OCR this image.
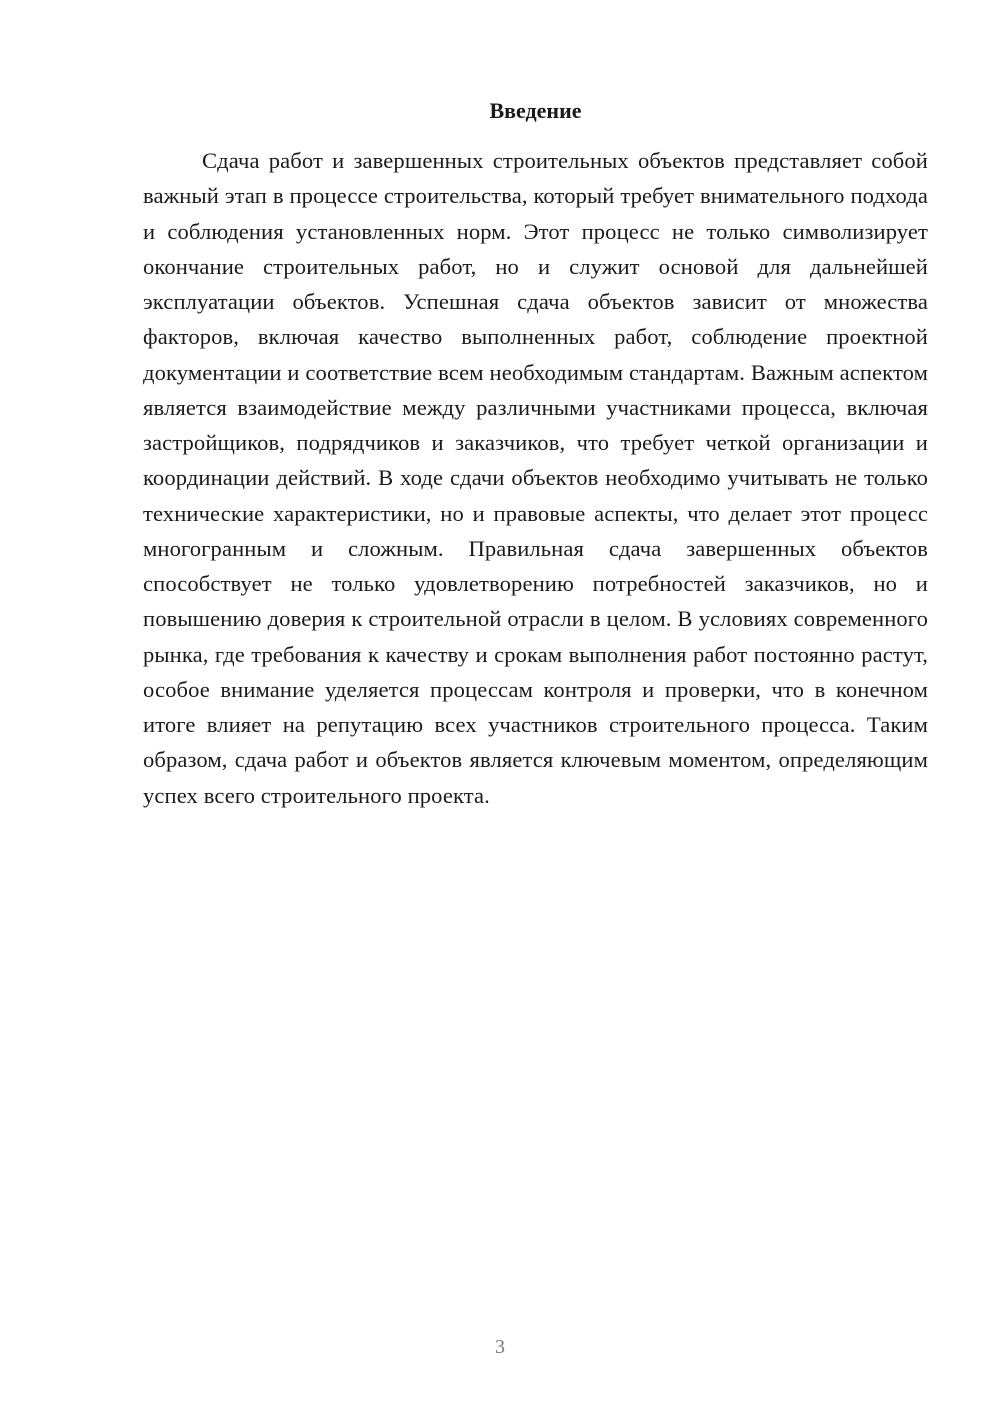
Введение

Сдача работ и завершенных строительных объектов представляет собой важный этап в процессе строительства, который требует внимательного подхода и соблюдения установленных норм. Этот процесс не только символизирует окончание строительных работ, но и служит основой для дальнейшей эксплуатации объектов. Успешная сдача объектов зависит от множества факторов, включая качество выполненных работ, соблюдение проектной документации и соответствие всем необходимым стандартам. Важным аспектом является взаимодействие между различными участниками процесса, включая застройщиков, подрядчиков и заказчиков, что требует четкой организации и координации действий. В ходе сдачи объектов необходимо учитывать не только технические характеристики, но и правовые аспекты, что делает этот процесс многогранным и сложным. Правильная сдача завершенных объектов способствует не только удовлетворению потребностей заказчиков, но и повышению доверия к строительной отрасли в целом. В условиях современного рынка, где требования к качеству и срокам выполнения работ постоянно растут, особое внимание уделяется процессам контроля и проверки, что в конечном итоге влияет на репутацию всех участников строительного процесса. Таким образом, сдача работ и объектов является ключевым моментом, определяющим успех всего строительного проекта.

3
